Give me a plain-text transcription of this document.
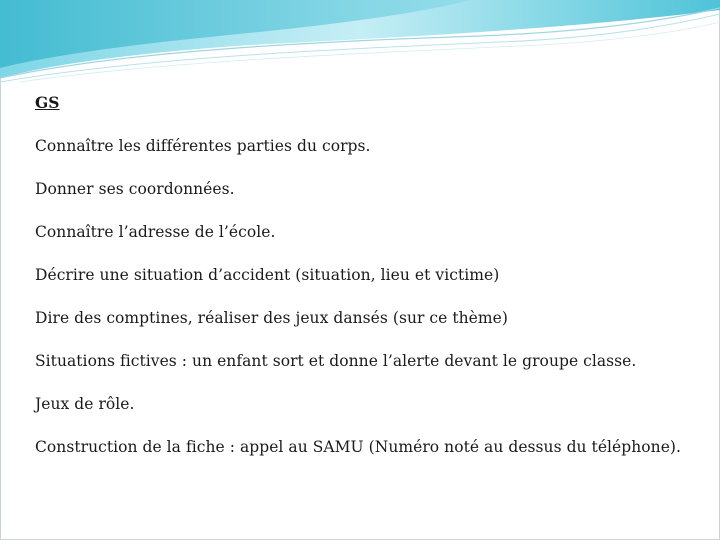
GS
Connaître les différentes parties du corps.
Donner ses coordonnées.
Connaître l’adresse de l’école.
Décrire une situation d’accident (situation, lieu et victime)
Dire des comptines, réaliser des jeux dansés (sur ce thème)
Situations fictives : un enfant sort et donne l’alerte devant le groupe classe.
Jeux de rôle.
Construction de la fiche : appel au SAMU (Numéro noté au dessus du téléphone).
